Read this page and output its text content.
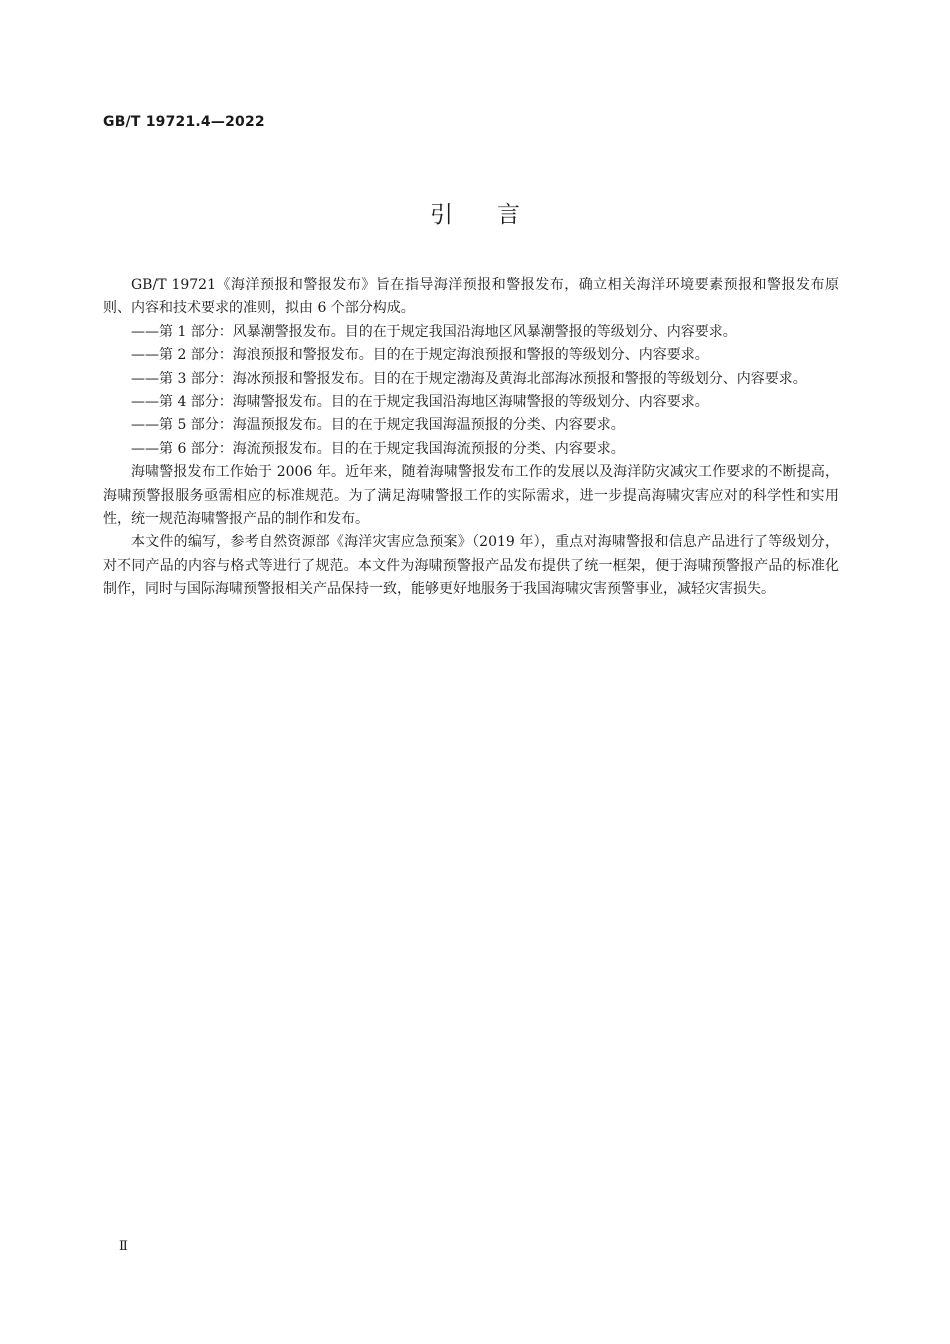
GB/T 19721.4—2022
引言

GB/T 19721《海洋预报和警报发布》旨在指导海洋预报和警报发布，确立相关海洋环境要素预报和警报发布原则、内容和技术要求的准则，拟由 6 个部分构成。

——第 1 部分：风暴潮警报发布。目的在于规定我国沿海地区风暴潮警报的等级划分、内容要求。
——第 2 部分：海浪预报和警报发布。目的在于规定海浪预报和警报的等级划分、内容要求。
——第 3 部分：海冰预报和警报发布。目的在于规定渤海及黄海北部海冰预报和警报的等级划分、内容要求。
——第 4 部分：海啸警报发布。目的在于规定我国沿海地区海啸警报的等级划分、内容要求。
——第 5 部分：海温预报发布。目的在于规定我国海温预报的分类、内容要求。
——第 6 部分：海流预报发布。目的在于规定我国海流预报的分类、内容要求。

海啸警报发布工作始于 2006 年。近年来，随着海啸警报发布工作的发展以及海洋防灾减灾工作要求的不断提高，海啸预警报服务亟需相应的标准规范。为了满足海啸警报工作的实际需求，进一步提高海啸灾害应对的科学性和实用性，统一规范海啸警报产品的制作和发布。

本文件的编写，参考自然资源部《海洋灾害应急预案》（2019 年），重点对海啸警报和信息产品进行了等级划分，对不同产品的内容与格式等进行了规范。本文件为海啸预警报产品发布提供了统一框架，便于海啸预警报产品的标准化制作，同时与国际海啸预警报相关产品保持一致，能够更好地服务于我国海啸灾害预警事业，减轻灾害损失。

Ⅱ
